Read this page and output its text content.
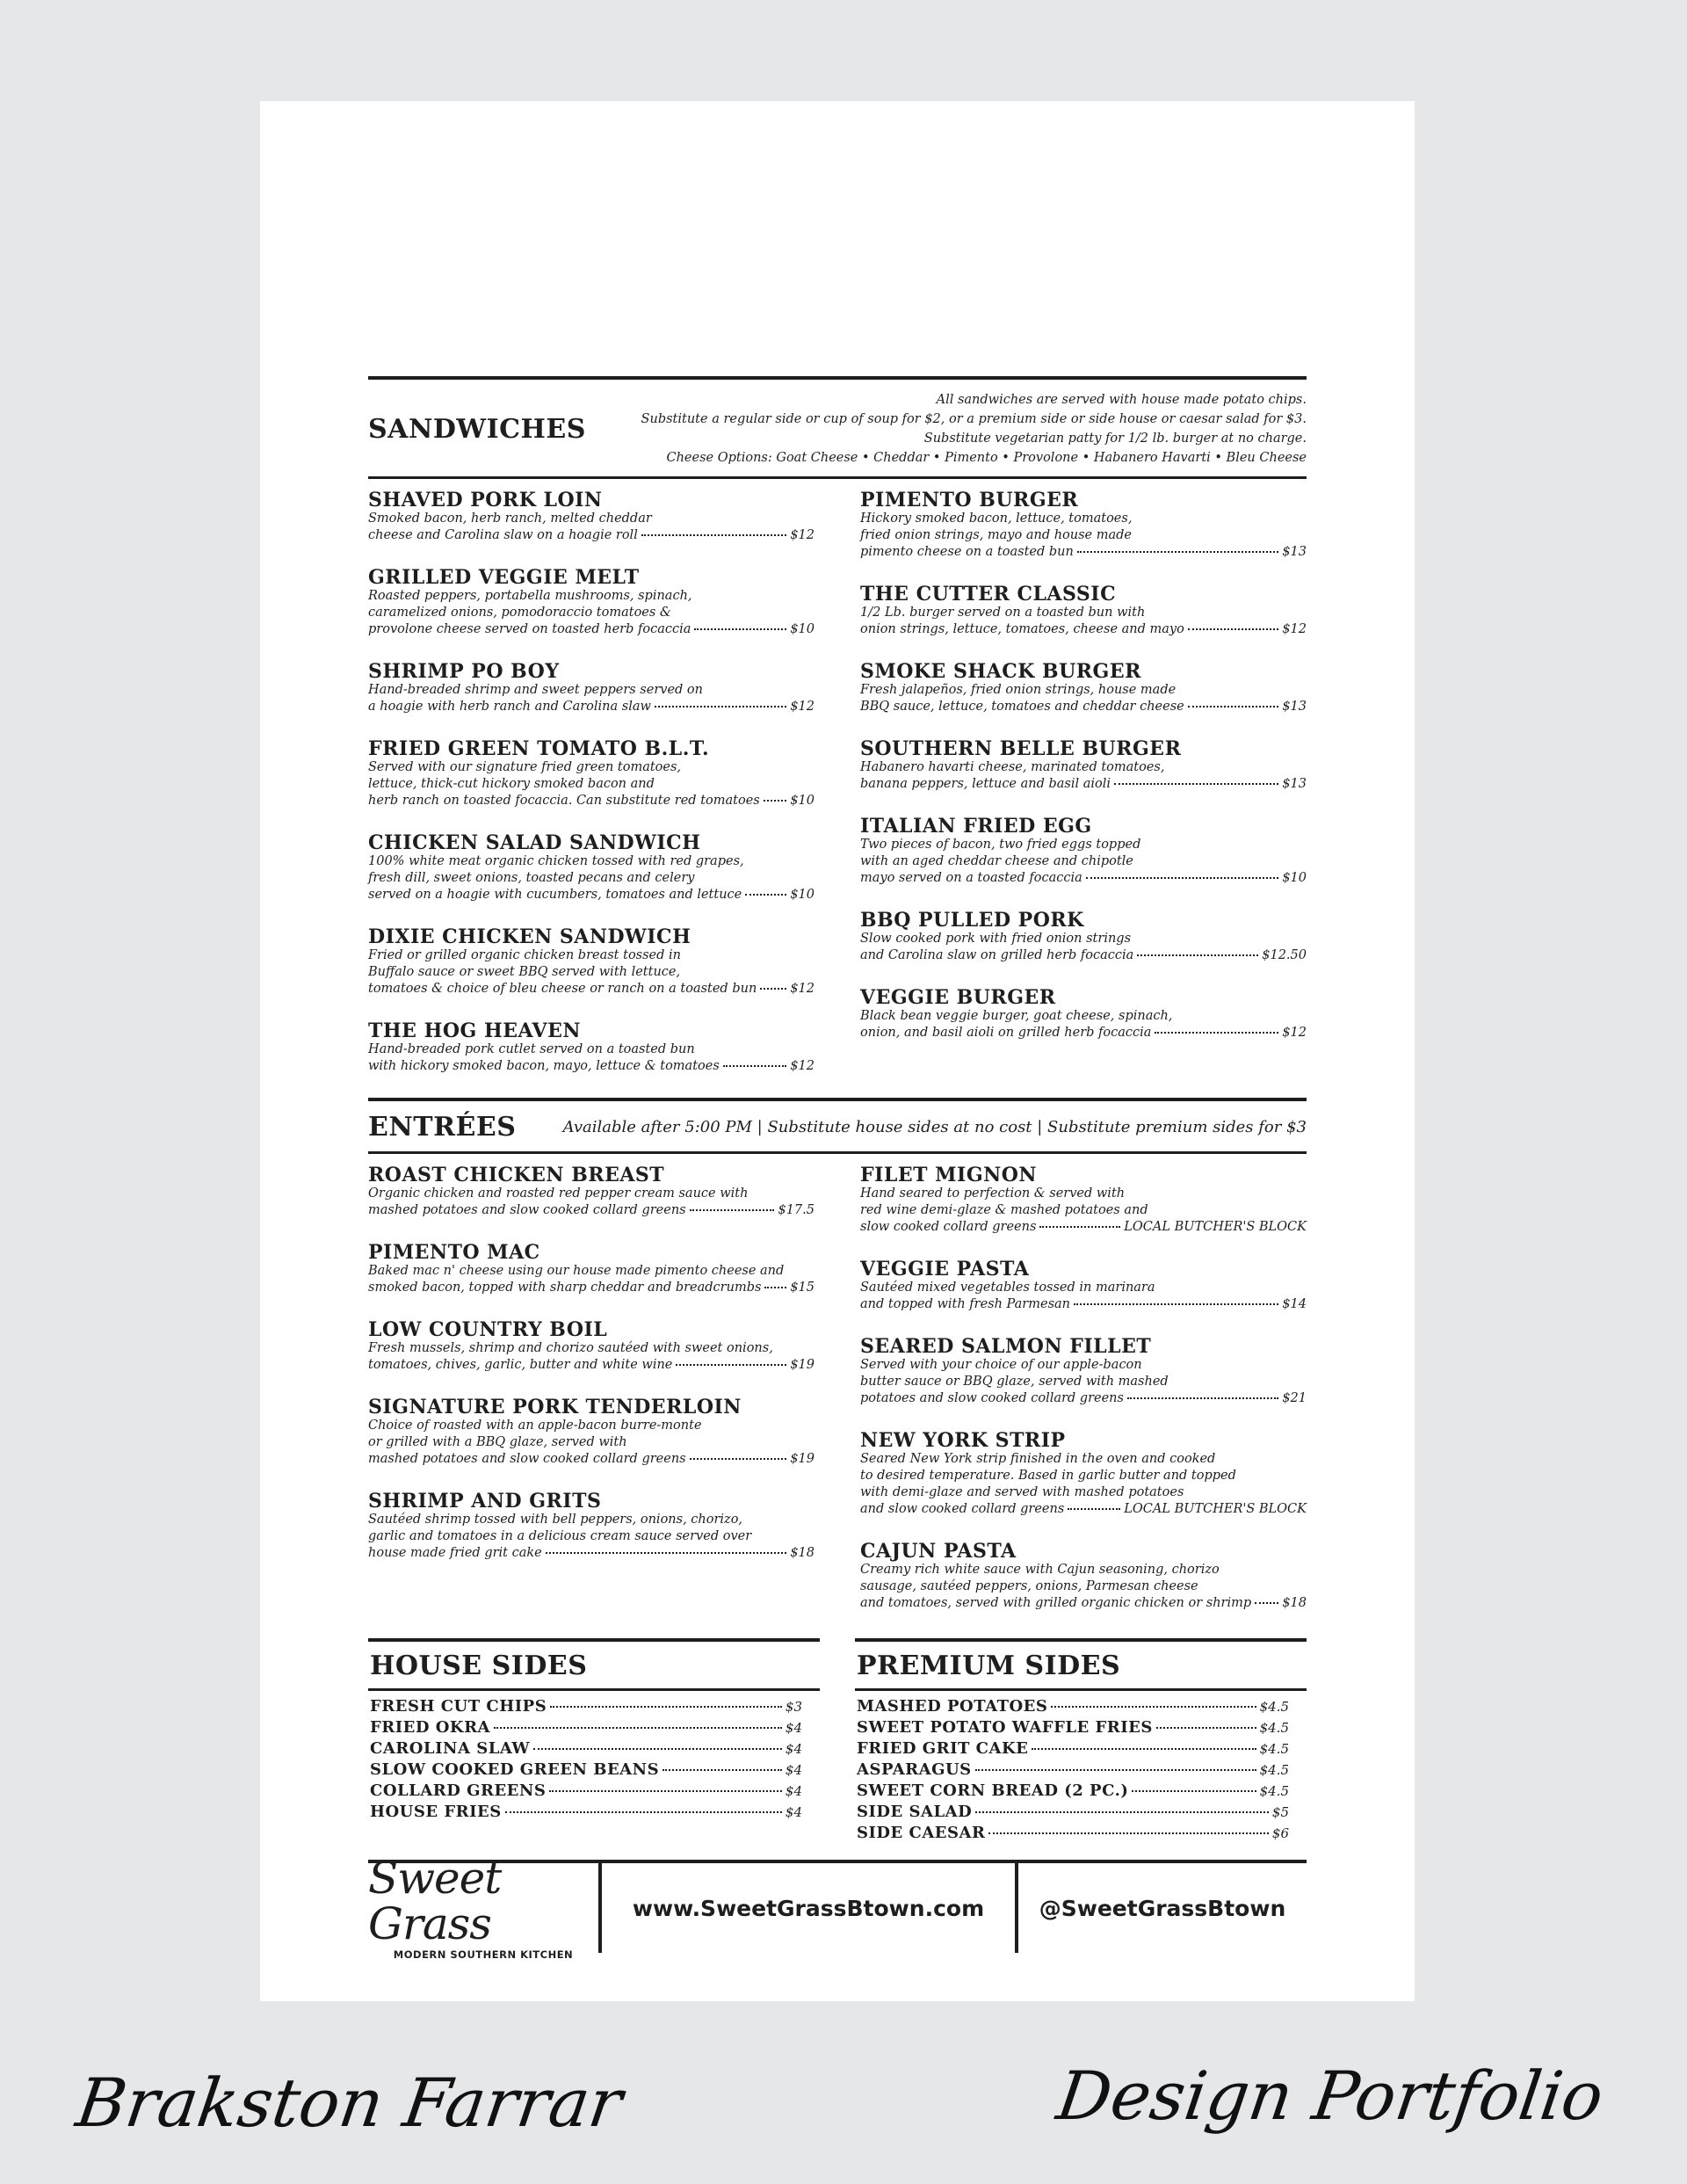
SANDWICHES
All sandwiches are served with house made potato chips.
Substitute a regular side or cup of soup for $2, or a premium side or side house or caesar salad for $3.
Substitute vegetarian patty for 1/2 lb. burger at no charge.
Cheese Options: Goat Cheese • Cheddar • Pimento • Provolone • Habanero Havarti • Bleu Cheese
SHAVED PORK LOIN
Smoked bacon, herb ranch, melted cheddar
cheese and Carolina slaw on a hoagie roll	$12
GRILLED VEGGIE MELT
Roasted peppers, portabella mushrooms, spinach,
caramelized onions, pomodoraccio tomatoes &
provolone cheese served on toasted herb focaccia	$10
SHRIMP PO BOY
Hand-breaded shrimp and sweet peppers served on
a hoagie with herb ranch and Carolina slaw	$12
FRIED GREEN TOMATO B.L.T.
Served with our signature fried green tomatoes,
lettuce, thick-cut hickory smoked bacon and
herb ranch on toasted focaccia. Can substitute red tomatoes $10
CHICKEN SALAD SANDWICH
100% white meat organic chicken tossed with red grapes,
fresh dill, sweet onions, toasted pecans and celery
served on a hoagie with cucumbers, tomatoes and lettuce	$10
DIXIE CHICKEN SANDWICH
Fried or grilled organic chicken breast tossed in
Buffalo sauce or sweet BBQ served with lettuce,
tomatoes & choice of bleu cheese or ranch on a toasted bun	$12
THE HOG HEAVEN
Hand-breaded pork cutlet served on a toasted bun
with hickory smoked bacon, mayo, lettuce & tomatoes	$12
PIMENTO BURGER
Hickory smoked bacon, lettuce, tomatoes,
fried onion strings, mayo and house made
pimento cheese on a toasted bun	$13
THE CUTTER CLASSIC
1/2 Lb. burger served on a toasted bun with
onion strings, lettuce, tomatoes, cheese and mayo	$12
SMOKE SHACK BURGER
Fresh jalapeños, fried onion strings, house made
BBQ sauce, lettuce, tomatoes and cheddar cheese	$13
SOUTHERN BELLE BURGER
Habanero havarti cheese, marinated tomatoes,
banana peppers, lettuce and basil aioli	$13
ITALIAN FRIED EGG
Two pieces of bacon, two fried eggs topped
with an aged cheddar cheese and chipotle
mayo served on a toasted focaccia	$10
BBQ PULLED PORK
Slow cooked pork with fried onion strings
and Carolina slaw on grilled herb focaccia	$12.50
VEGGIE BURGER
Black bean veggie burger, goat cheese, spinach,
onion, and basil aioli on grilled herb focaccia	$12
ENTRÉES	Available after 5:00 PM | Substitute house sides at no cost | Substitute premium sides for $3
ROAST CHICKEN BREAST
Organic chicken and roasted red pepper cream sauce with
mashed potatoes and slow cooked collard greens	$17.5
PIMENTO MAC
Baked mac n' cheese using our house made pimento cheese and
smoked bacon, topped with sharp cheddar and breadcrumbs $15
LOW COUNTRY BOIL
Fresh mussels, shrimp and chorizo sautéed with sweet onions,
tomatoes, chives, garlic, butter and white wine	$19
SIGNATURE PORK TENDERLOIN
Choice of roasted with an apple-bacon burre-monte
or grilled with a BBQ glaze, served with
mashed potatoes and slow cooked collard greens	$19
SHRIMP AND GRITS
Sautéed shrimp tossed with bell peppers, onions, chorizo,
garlic and tomatoes in a delicious cream sauce served over
house made fried grit cake	$18
FILET MIGNON
Hand seared to perfection & served with
red wine demi-glaze & mashed potatoes and
slow cooked collard greens	LOCAL BUTCHER'S BLOCK
VEGGIE PASTA
Sautéed mixed vegetables tossed in marinara
and topped with fresh Parmesan	$14
SEARED SALMON FILLET
Served with your choice of our apple-bacon
butter sauce or BBQ glaze, served with mashed
potatoes and slow cooked collard greens	$21
NEW YORK STRIP
Seared New York strip finished in the oven and cooked
to desired temperature. Based in garlic butter and topped
with demi-glaze and served with mashed potatoes
and slow cooked collard greens	LOCAL BUTCHER'S BLOCK
CAJUN PASTA
Creamy rich white sauce with Cajun seasoning, chorizo
sausage, sautéed peppers, onions, Parmesan cheese
and tomatoes, served with grilled organic chicken or shrimp $18
HOUSE SIDES
FRESH CUT CHIPS	$3
FRIED OKRA	$4
CAROLINA SLAW	$4
SLOW COOKED GREEN BEANS	$4
COLLARD GREENS	$4
HOUSE FRIES	$4
PREMIUM SIDES
MASHED POTATOES	$4.5
SWEET POTATO WAFFLE FRIES	$4.5
FRIED GRIT CAKE	$4.5
ASPARAGUS	$4.5
SWEET CORN BREAD (2 PC.)	$4.5
SIDE SALAD	$5
SIDE CAESAR	$6
Sweet Grass
MODERN SOUTHERN KITCHEN
www.SweetGrassBtown.com	@SweetGrassBtown
Brakston Farrar	Design Portfolio
